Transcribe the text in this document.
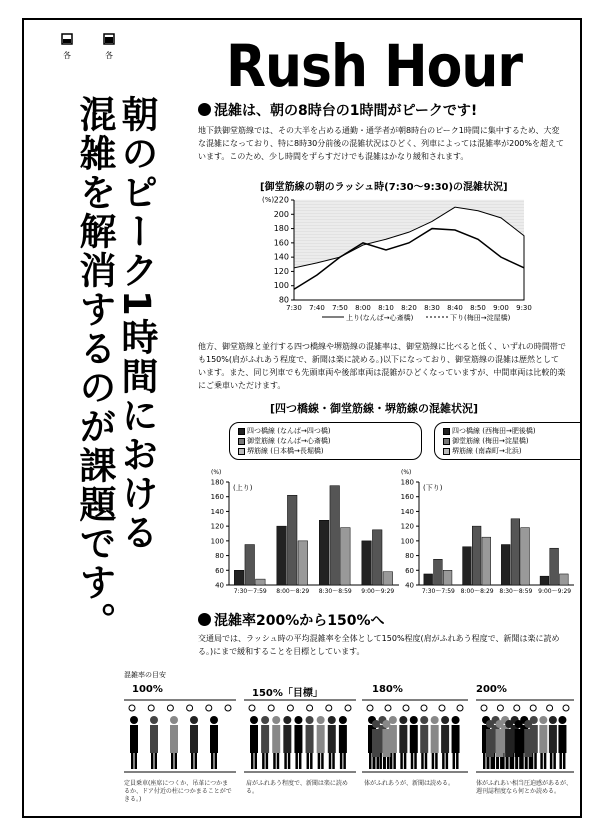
各	各
朝のピーク1時間における
混雑を解消するのが課題です。
Rush Hour
混雑は、朝の8時台の1時間がピークです!

地下鉄御堂筋線では、その大半を占める通勤・通学者が朝8時台のピーク1時間に集中するため、大変な混雑になっており、特に8時30分前後の混雑状況はひどく、列車によっては混雑率が200%を超えています。このため、少し時間をずらすだけでも混雑はかなり緩和されます。

[御堂筋線の朝のラッシュ時(7:30〜9:30)の混雑状況]
80
100
120
140
160
180
200
220
7:30 7:40 7:50 8:00 8:10 8:20 8:30 8:40 8:50 9:00 9:30
(%)
上り(なんば→心斎橋)	下り(梅田→淀屋橋)

他方、御堂筋線と並行する四つ橋線や堺筋線の混雑率は、御堂筋線に比べると低く、いずれの時間帯でも150%(肩がふれあう程度で、新聞は楽に読める。)以下になっており、御堂筋線の混雑は歴然としています。また、同じ列車でも先頭車両や後部車両は混雑がひどくなっていますが、中間車両は比較的楽にご乗車いただけます。

[四つ橋線・御堂筋線・堺筋線の混雑状況]
四つ橋線
(なんば→四つ橋)
御堂筋線
(なんば→心斎橋)
堺筋線
(日本橋→長堀橋)
四つ橋線
(西梅田→肥後橋)
御堂筋線
(梅田→淀屋橋)
堺筋線
(南森町→北浜)
(%)
(上り)
40
60
80
100
120
140
160
180
7:30〜7:59 8:00〜8:29 8:30〜8:59 9:00〜9:29
(%)
(下り)
40
60
80
100
120
140
160
180
7:30〜7:59 8:00〜8:29 8:30〜8:59 9:00〜9:29
混雑率200%から150%へ

交通局では、ラッシュ時の平均混雑率を全体として150%程度(肩がふれあう程度で、新聞は楽に読める。)にまで緩和することを目標としています。

混雑率の目安
100%	150%「目標」	180%	200%
定員乗車(座席につくか、吊革につかまるか、ドア付近の柱につかまることができる。)
肩がふれあう程度で、新聞は楽に読める。
体がふれあうが、新聞は読める。	体がふれあい相当圧迫感があるが、週刊誌程度なら何とか読める。
